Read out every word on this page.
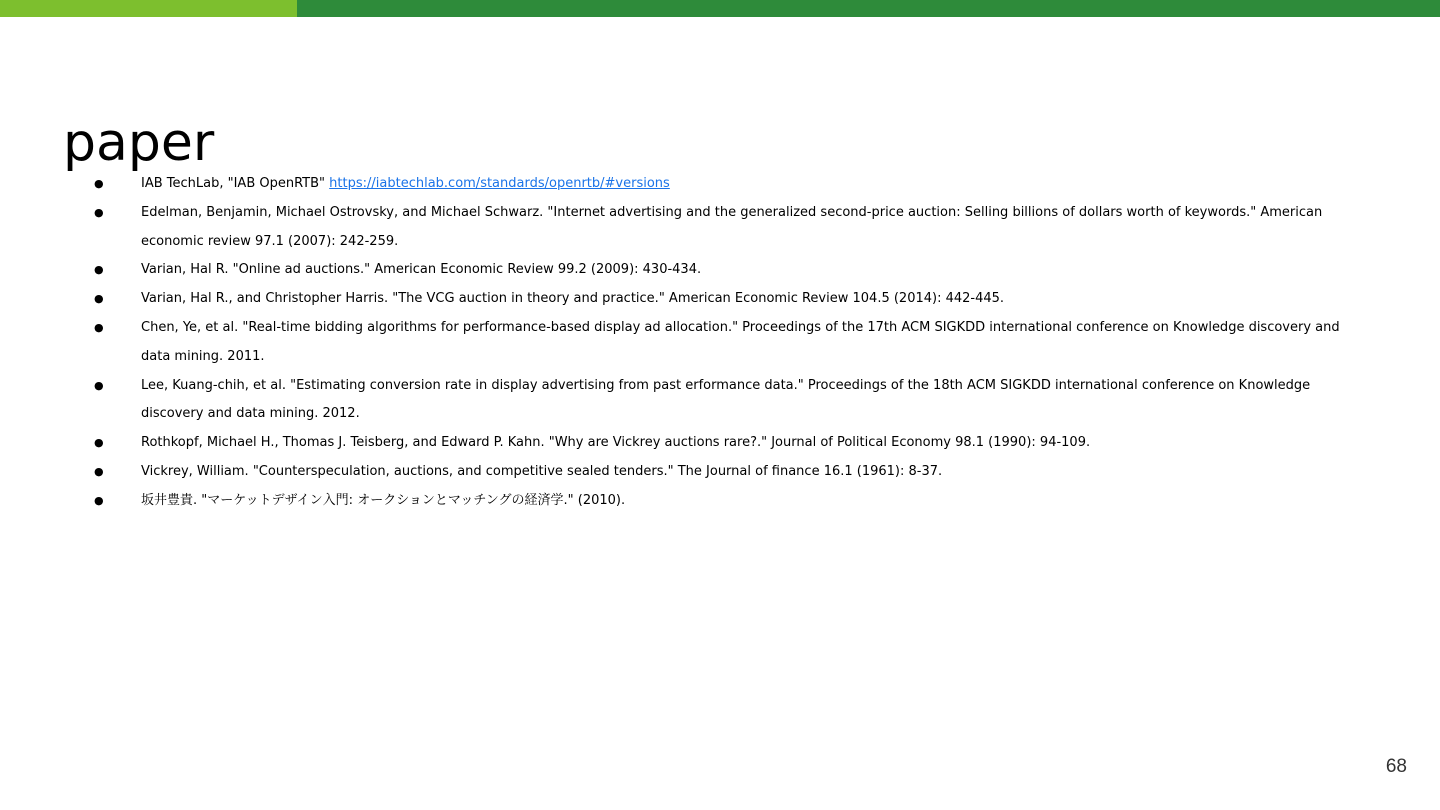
paper
●	IAB TechLab, "IAB OpenRTB" https://iabtechlab.com/standards/openrtb/#versions
●	Edelman, Benjamin, Michael Ostrovsky, and Michael Schwarz. "Internet advertising and the generalized second-price auction: Selling billions of dollars worth of keywords." American economic review 97.1 (2007): 242-259.
●	Varian, Hal R. "Online ad auctions." American Economic Review 99.2 (2009): 430-434.
●	Varian, Hal R., and Christopher Harris. "The VCG auction in theory and practice." American Economic Review 104.5 (2014): 442-445.
●	Chen, Ye, et al. "Real-time bidding algorithms for performance-based display ad allocation." Proceedings of the 17th ACM SIGKDD international conference on Knowledge discovery and data mining. 2011.
●	Lee, Kuang-chih, et al. "Estimating conversion rate in display advertising from past erformance data." Proceedings of the 18th ACM SIGKDD international conference on Knowledge discovery and data mining. 2012.
●	Rothkopf, Michael H., Thomas J. Teisberg, and Edward P. Kahn. "Why are Vickrey auctions rare?." Journal of Political Economy 98.1 (1990): 94-109.
●	Vickrey, William. "Counterspeculation, auctions, and competitive sealed tenders." The Journal of finance 16.1 (1961): 8-37.
●	坂井豊貴. "マーケットデザイン入門: オークションとマッチングの経済学." (2010).
68
